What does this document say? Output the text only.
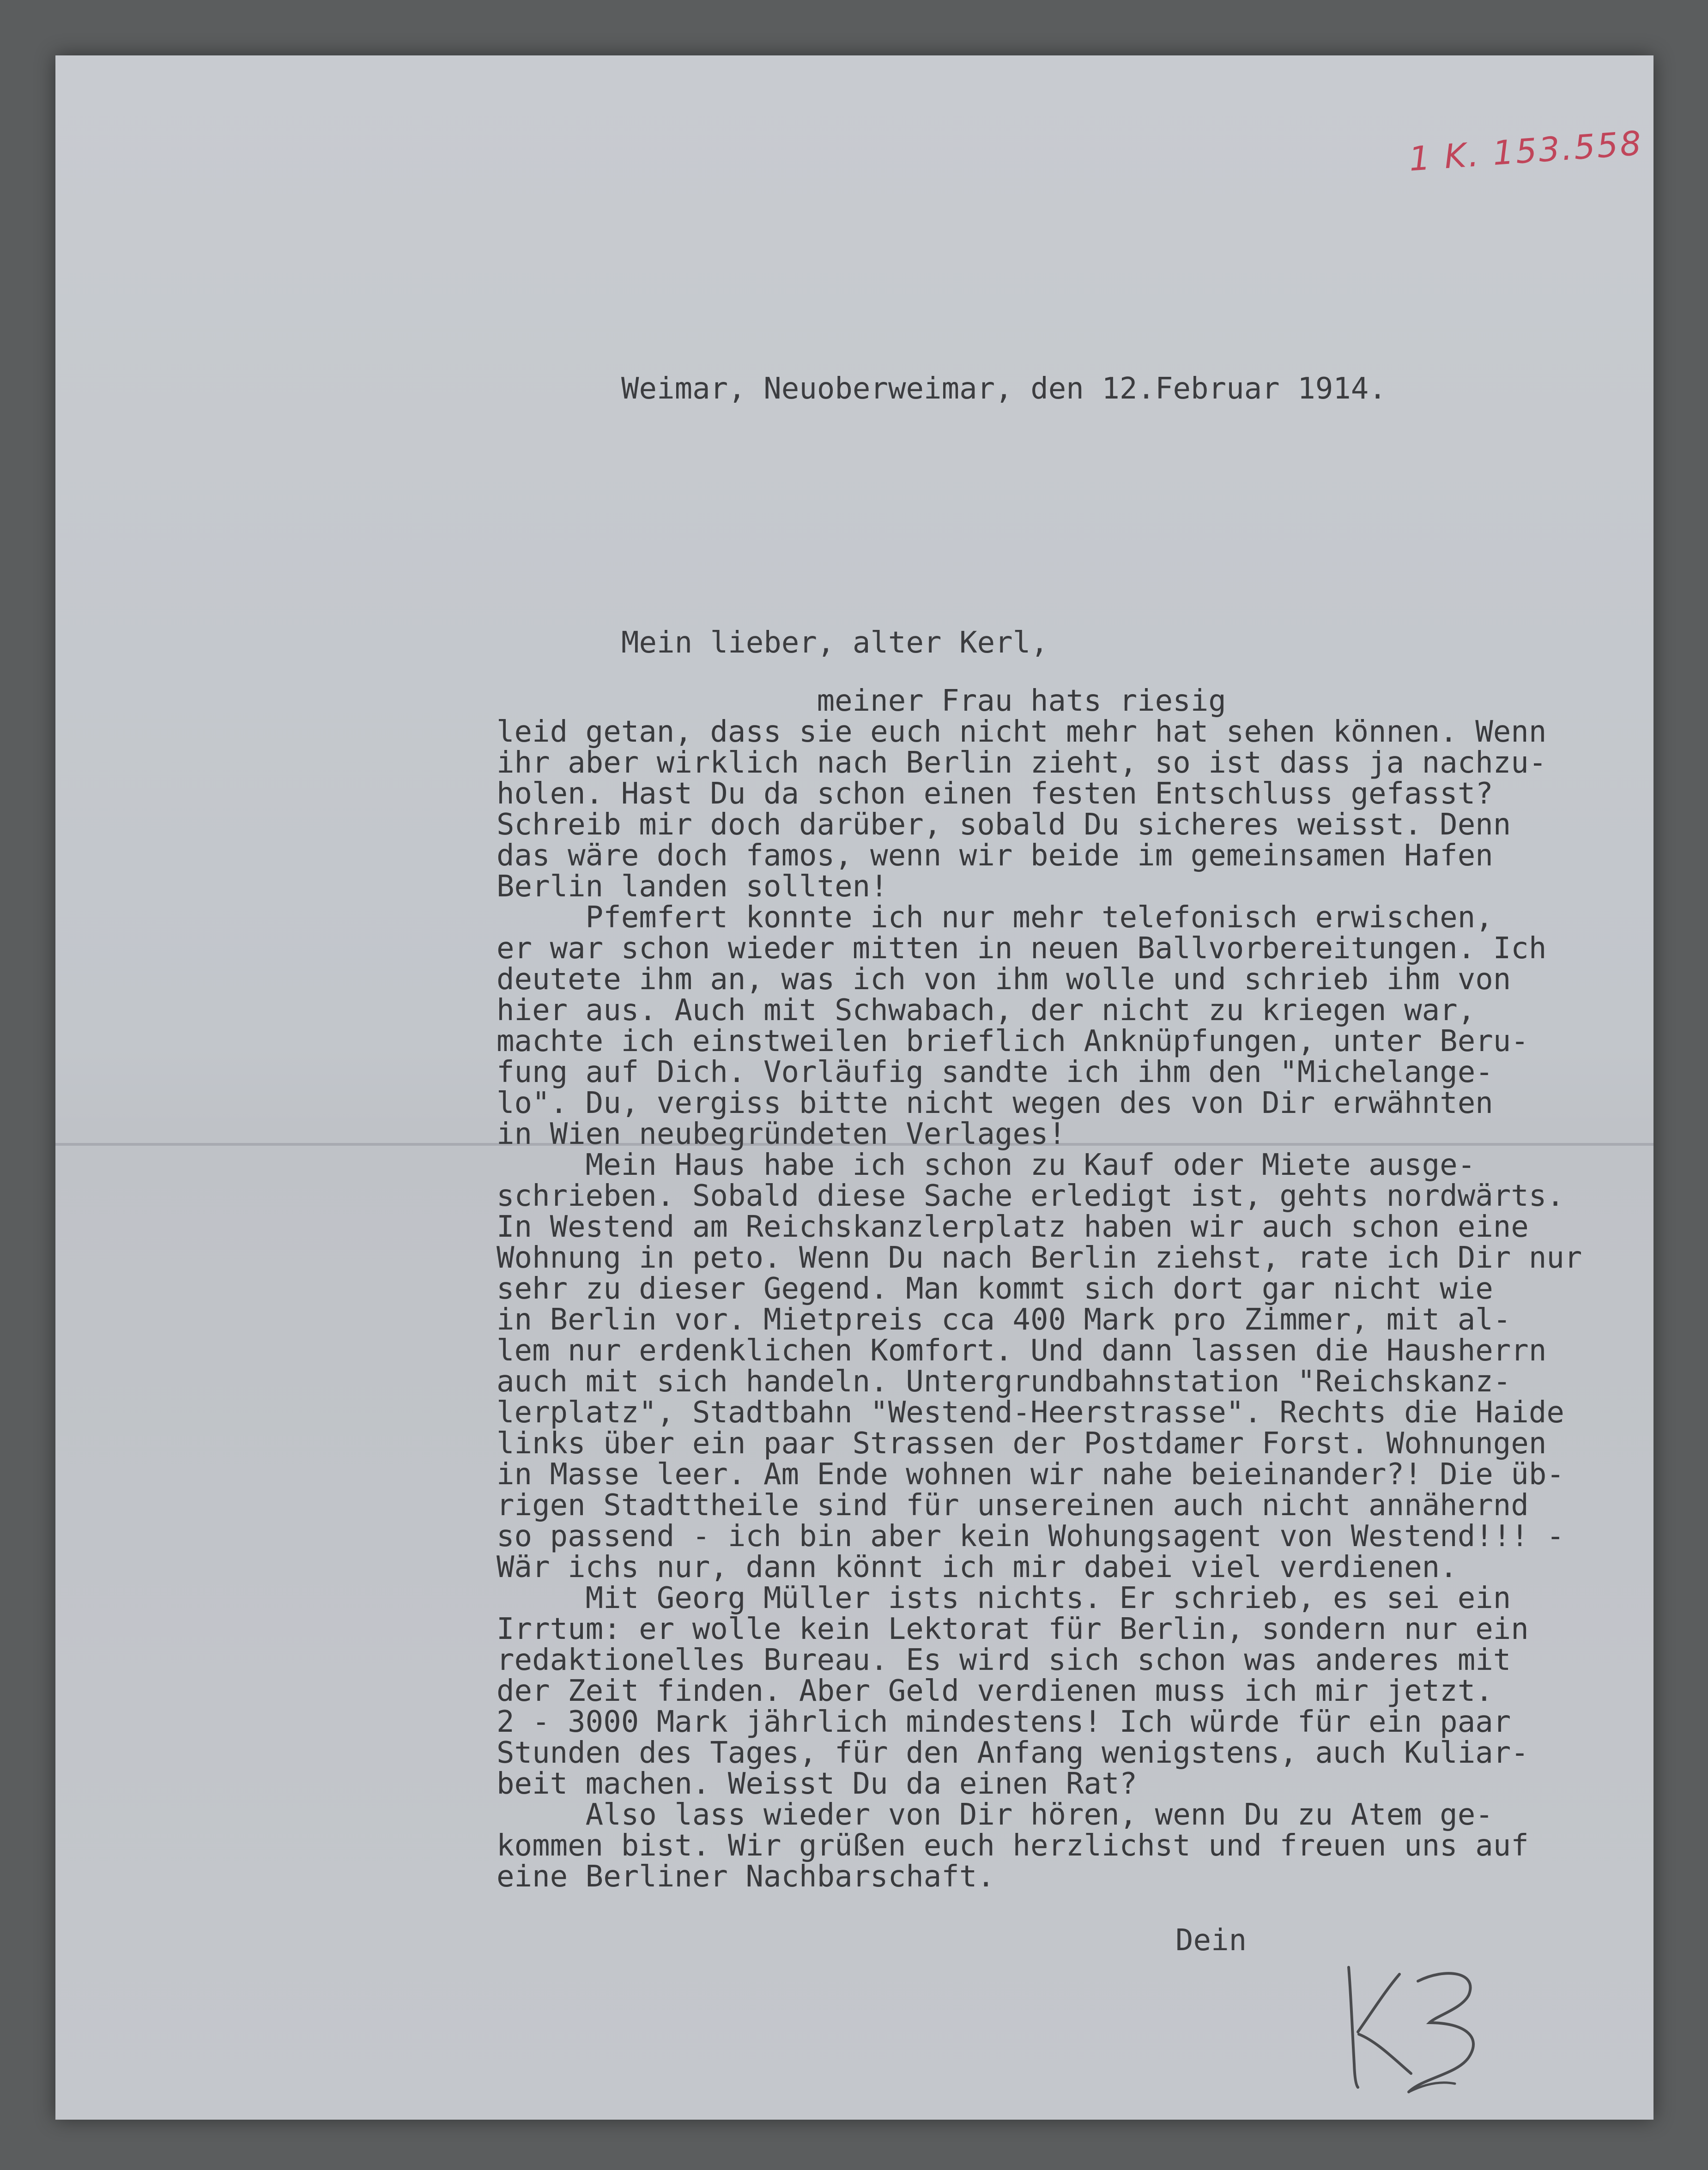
1 K. 153.558
Weimar, Neuoberweimar, den 12.Februar 1914.
Mein lieber, alter Kerl,
meiner Frau hats riesig
leid getan, dass sie euch nicht mehr hat sehen können. Wenn
ihr aber wirklich nach Berlin zieht, so ist dass ja nachzu-
holen. Hast Du da schon einen festen Entschluss gefasst?
Schreib mir doch darüber, sobald Du sicheres weisst. Denn
das wäre doch famos, wenn wir beide im gemeinsamen Hafen
Berlin landen sollten!
Pfemfert konnte ich nur mehr telefonisch erwischen,
er war schon wieder mitten in neuen Ballvorbereitungen. Ich
deutete ihm an, was ich von ihm wolle und schrieb ihm von
hier aus. Auch mit Schwabach, der nicht zu kriegen war,
machte ich einstweilen brieflich Anknüpfungen, unter Beru-
fung auf Dich. Vorläufig sandte ich ihm den "Michelange-
lo". Du, vergiss bitte nicht wegen des von Dir erwähnten
in Wien neubegründeten Verlages!
Mein Haus habe ich schon zu Kauf oder Miete ausge-
schrieben. Sobald diese Sache erledigt ist, gehts nordwärts.
In Westend am Reichskanzlerplatz haben wir auch schon eine
Wohnung in peto. Wenn Du nach Berlin ziehst, rate ich Dir nur
sehr zu dieser Gegend. Man kommt sich dort gar nicht wie
in Berlin vor. Mietpreis cca 400 Mark pro Zimmer, mit al-
lem nur erdenklichen Komfort. Und dann lassen die Hausherrn
auch mit sich handeln. Untergrundbahnstation "Reichskanz-
lerplatz", Stadtbahn "Westend-Heerstrasse". Rechts die Haide
links über ein paar Strassen der Postdamer Forst. Wohnungen
in Masse leer. Am Ende wohnen wir nahe beieinander?! Die üb-
rigen Stadttheile sind für unsereinen auch nicht annähernd
so passend - ich bin aber kein Wohungsagent von Westend!!! -
Wär ichs nur, dann könnt ich mir dabei viel verdienen.
Mit Georg Müller ists nichts. Er schrieb, es sei ein
Irrtum: er wolle kein Lektorat für Berlin, sondern nur ein
redaktionelles Bureau. Es wird sich schon was anderes mit
der Zeit finden. Aber Geld verdienen muss ich mir jetzt.
2 - 3000 Mark jährlich mindestens! Ich würde für ein paar
Stunden des Tages, für den Anfang wenigstens, auch Kuliar-
beit machen. Weisst Du da einen Rat?
Also lass wieder von Dir hören, wenn Du zu Atem ge-
kommen bist. Wir grüßen euch herzlichst und freuen uns auf
eine Berliner Nachbarschaft.
Dein
